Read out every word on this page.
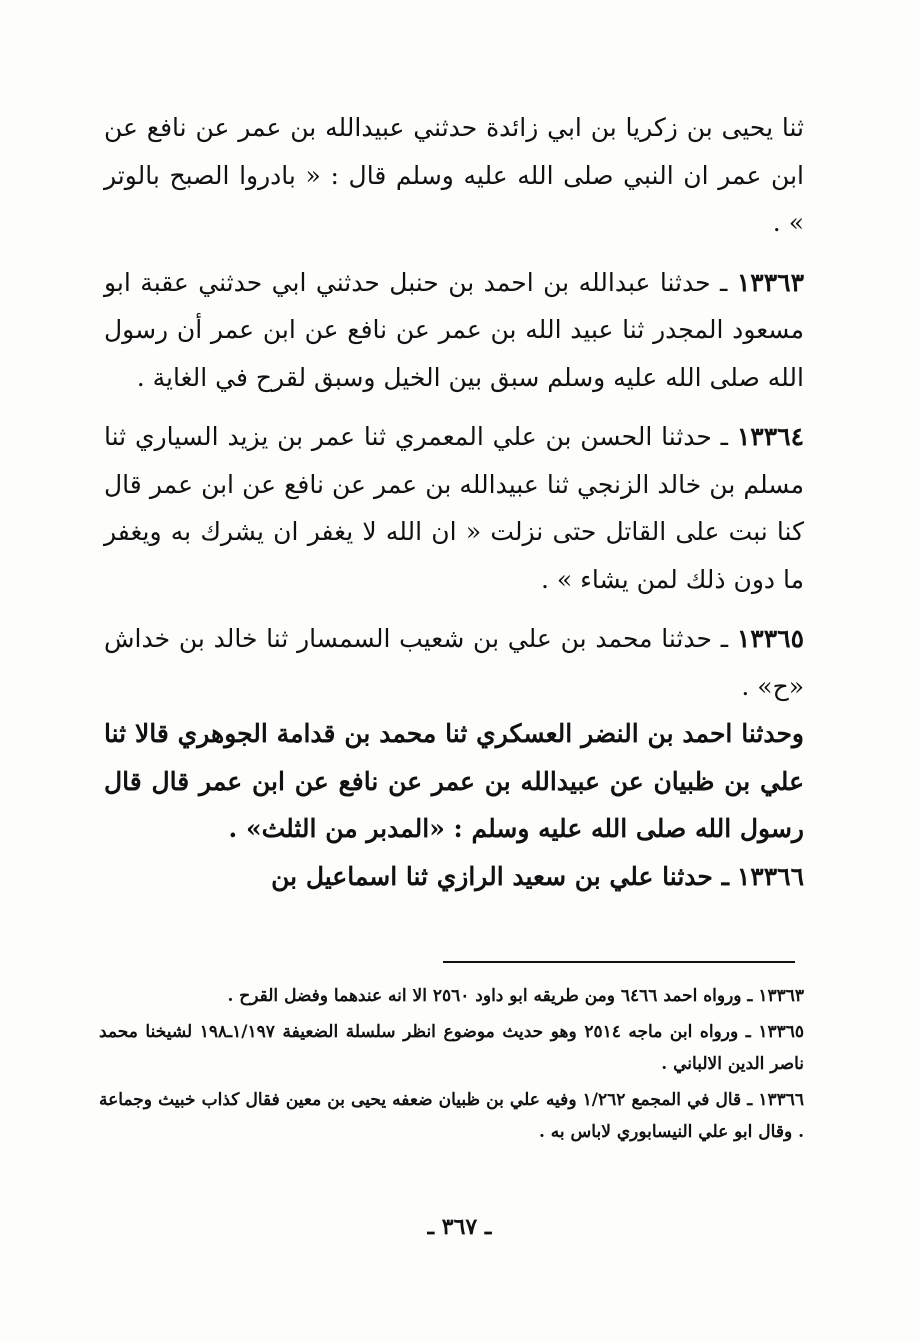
ثنا يحيى بن زكريا بن ابي زائدة حدثني عبيدالله بن عمر عن نافع عن ابن عمر ان النبي صلى الله عليه وسلم قال : « بادروا الصبح بالوتر » .

١٣٣٦٣ ـ حدثنا عبدالله بن احمد بن حنبل حدثني ابي حدثني عقبة ابو مسعود المجدر ثنا عبيد الله بن عمر عن نافع عن ابن عمر أن رسول الله صلى الله عليه وسلم سبق بين الخيل وسبق لقرح في الغاية .

١٣٣٦٤ ـ حدثنا الحسن بن علي المعمري ثنا عمر بن يزيد السياري ثنا مسلم بن خالد الزنجي ثنا عبيدالله بن عمر عن نافع عن ابن عمر قال كنا نبت على القاتل حتى نزلت « ان الله لا يغفر ان يشرك به ويغفر ما دون ذلك لمن يشاء » .

١٣٣٦٥ ـ حدثنا محمد بن علي بن شعيب السمسار ثنا خالد بن خداش «ح» .

وحدثنا احمد بن النضر العسكري ثنا محمد بن قدامة الجوهري قالا ثنا علي بن ظبيان عن عبيدالله بن عمر عن نافع عن ابن عمر قال قال رسول الله صلى الله عليه وسلم : «المدبر من الثلث» .

١٣٣٦٦ ـ حدثنا علي بن سعيد الرازي ثنا اسماعيل بن

١٣٣٦٣ ـ ورواه احمد ٦٤٦٦ ومن طريقه ابو داود ٢٥٦٠ الا انه عندهما وفضل القرح .

١٣٣٦٥ ـ ورواه ابن ماجه ٢٥١٤ وهو حديث موضوع انظر سلسلة الضعيفة ١/١٩٧ـ١٩٨ لشيخنا محمد ناصر الدين الالباني .

١٣٣٦٦ ـ قال في المجمع ١/٢٦٢ وفيه علي بن ظبيان ضعفه يحيى بن معين فقال كذاب خبيث وجماعة . وقال ابو علي النيسابوري لاباس به .

ـ ٣٦٧ ـ
